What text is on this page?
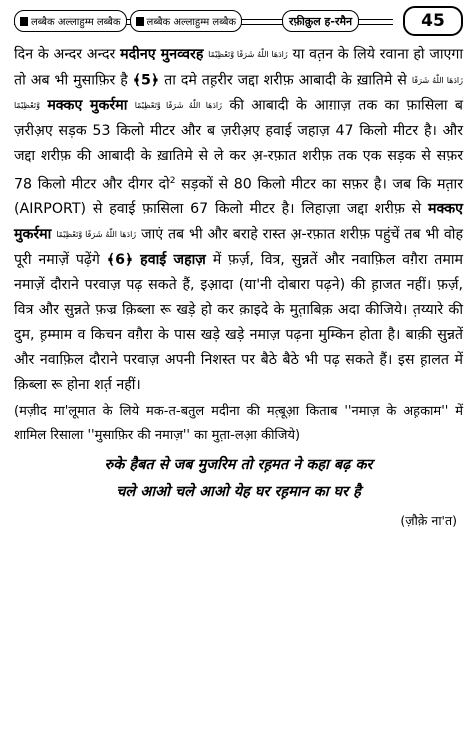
लब्बैक अल्लाहुम्म लब्बैक	लब्बैक अल्लाहुम्म लब्बैक	रफ़ीक़ुल ह-रमैन	45

दिन के अन्दर अन्दर मदीनए मुनव्वरह زَادَهَا اللّٰهُ شَرَفًا وَّتَعْظِيْمًا या वत़न के लिये रवाना हो जाएगा तो अब भी मुसाफ़िर है ﴾5﴿ ता दमे तह़रीर जद्दा शरीफ़ आबादी के ख़ातिमे से زَادَهَا اللّٰهُ شَرَفًا وَّتَعْظِيْمًا मक्कए मुकर्रमा زَادَهَا اللّٰهُ شَرَفًا وَّتَعْظِيْمًا की आबादी के आग़ाज़ तक का फ़ासिला ब ज़रीअ़ए सड़क 53 किलो मीटर और ब ज़रीअ़ए हवाई जहाज़ 47 किलो मीटर है। और जद्दा शरीफ़ की आबादी के ख़ातिमे से ले कर अ़-रफ़ात शरीफ़ तक एक सड़क से सफ़र 78 किलो मीटर और दीगर दो$^2$ सड़कों से 80 किलो मीटर का सफ़र है। जब कि मत़ार (AIRPORT) से हवाई फ़ासिला 67 किलो मीटर है। लिहाज़ा जद्दा शरीफ़ से मक्कए मुकर्रमा زَادَهَا اللّٰهُ شَرَفًا وَّتَعْظِيْمًا जाएं तब भी और बराहे रास्त अ़-रफ़ात शरीफ़ पहुंचें तब भी वोह पूरी नमाज़ें पढ़ेंगे ﴾6﴿ हवाई जहाज़ में फ़र्ज़, वित्र, सुन्नतें और नवाफ़िल वग़ैरा तमाम नमाज़ें दौराने परवाज़ पढ़ सकते हैं, इआ़दा (या'नी दोबारा पढ़ने) की ह़ाजत नहीं। फ़र्ज़, वित्र और सुन्नते फ़ज्र क़िब्ला रू खड़े हो कर क़ाइदे के मुत़ाबिक़ अदा कीजिये। त़य्यारे की दुम, ह़म्माम व किचन वग़ैरा के पास खड़े खड़े नमाज़ पढ़ना मुम्किन होता है। बाक़ी सुन्नतें और नवाफ़िल दौराने परवाज़ अपनी निशस्त पर बैठे बैठे भी पढ़ सकते हैं। इस ह़ालत में क़िब्ला रू होना शर्त़ नहीं।

(मज़ीद मा'लूमात के लिये मक-त-बतुल मदीना की मत़्बूआ़ किताब ''नमाज़ के अह़काम'' में शामिल रिसाला ''मुसाफ़िर की नमाज़'' का मुत़ा-लआ़ कीजिये)
रुके हैबत से जब मुजरिम तो रह़मत ने कहा बढ़ कर
चले आओ चले आओ येह घर रह़मान का घर है
(ज़ौक़े ना'त)
